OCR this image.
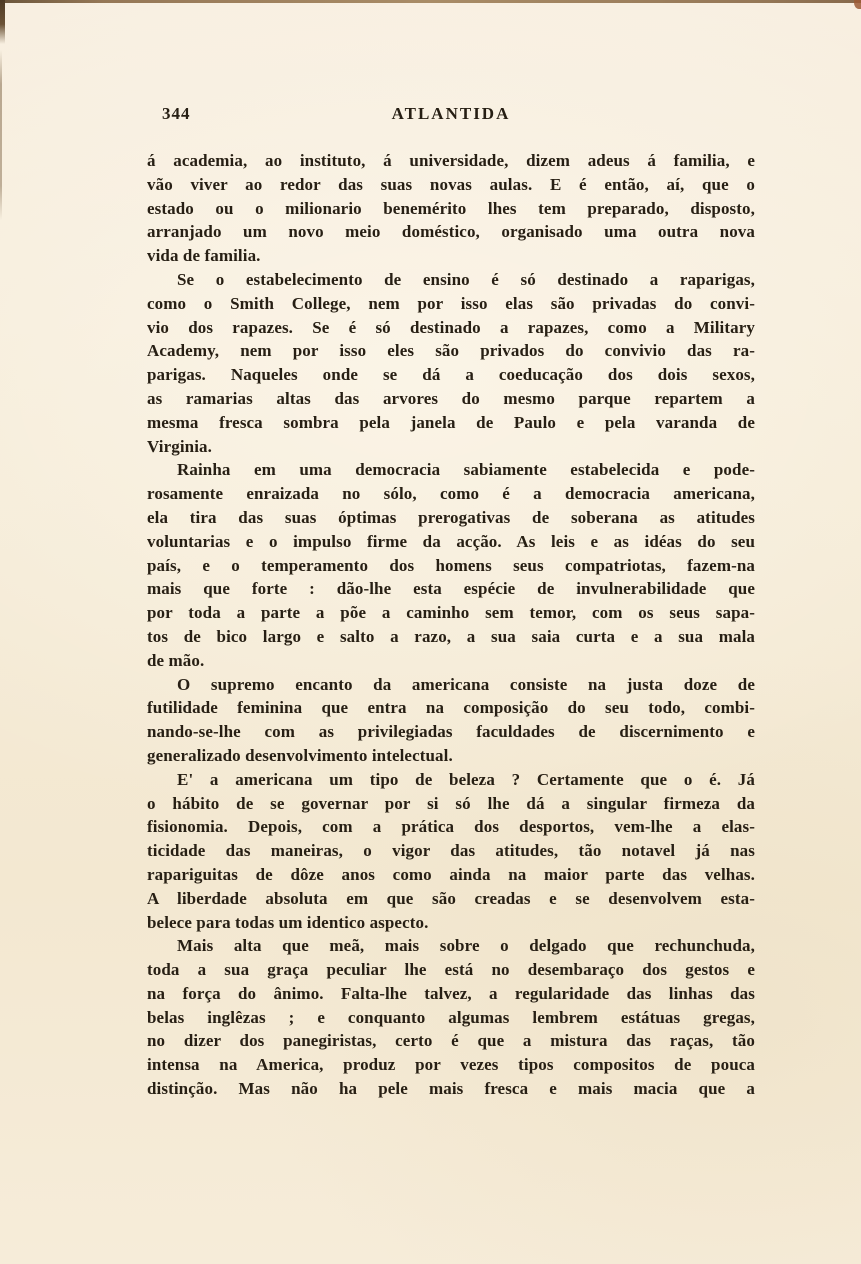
344	ATLANTIDA
á academia, ao instituto, á universidade, dizem adeus á familia, e
vão viver ao redor das suas novas aulas. E é então, aí, que o
estado ou o milionario benemérito lhes tem preparado, disposto,
arranjado um novo meio doméstico, organisado uma outra nova
vida de familia.
Se o estabelecimento de ensino é só destinado a raparigas,
como o Smith College, nem por isso elas são privadas do convi-
vio dos rapazes. Se é só destinado a rapazes, como a Military
Academy, nem por isso eles são privados do convivio das ra-
parigas. Naqueles onde se dá a coeducação dos dois sexos,
as ramarias altas das arvores do mesmo parque repartem a
mesma fresca sombra pela janela de Paulo e pela varanda de
Virginia.
Rainha em uma democracia sabiamente estabelecida e pode-
rosamente enraizada no sólo, como é a democracia americana,
ela tira das suas óptimas prerogativas de soberana as atitudes
voluntarias e o impulso firme da acção. As leis e as idéas do seu
país, e o temperamento dos homens seus compatriotas, fazem-na
mais que forte : dão-lhe esta espécie de invulnerabilidade que
por toda a parte a põe a caminho sem temor, com os seus sapa-
tos de bico largo e salto a razo, a sua saia curta e a sua mala
de mão.
O supremo encanto da americana consiste na justa doze de
futilidade feminina que entra na composição do seu todo, combi-
nando-se-lhe com as privilegiadas faculdades de discernimento e
generalizado desenvolvimento intelectual.
E' a americana um tipo de beleza ? Certamente que o é. Já
o hábito de se governar por si só lhe dá a singular firmeza da
fisionomia. Depois, com a prática dos desportos, vem-lhe a elas-
ticidade das maneiras, o vigor das atitudes, tão notavel já nas
rapariguitas de dôze anos como ainda na maior parte das velhas.
A liberdade absoluta em que são creadas e se desenvolvem esta-
belece para todas um identico aspecto.
Mais alta que meã, mais sobre o delgado que rechunchuda,
toda a sua graça peculiar lhe está no desembaraço dos gestos e
na força do ânimo. Falta-lhe talvez, a regularidade das linhas das
belas inglêzas ; e conquanto algumas lembrem estátuas gregas,
no dizer dos panegiristas, certo é que a mistura das raças, tão
intensa na America, produz por vezes tipos compositos de pouca
distinção. Mas não ha pele mais fresca e mais macia que a
